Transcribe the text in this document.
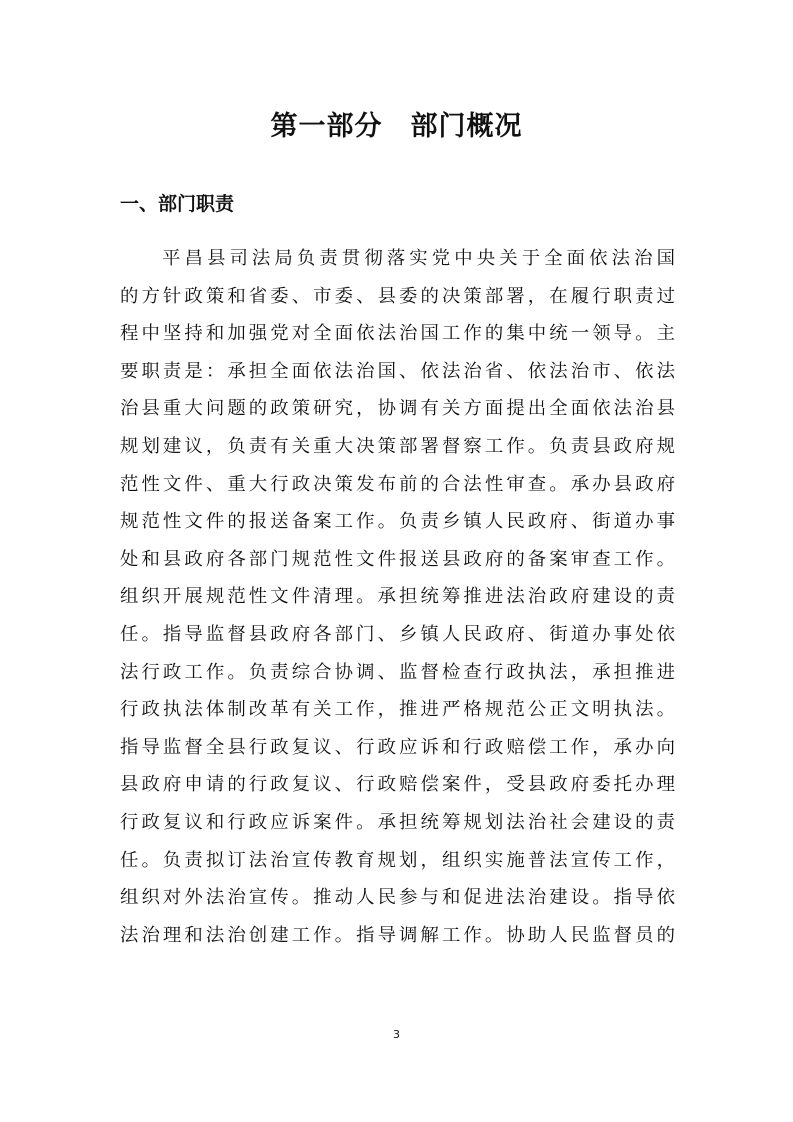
第一部分　部门概况
一、部门职责

平昌县司法局负责贯彻落实党中央关于全面依法治国
的方针政策和省委、市委、县委的决策部署，在履行职责过
程中坚持和加强党对全面依法治国工作的集中统一领导。主
要职责是：承担全面依法治国、依法治省、依法治市、依法
治县重大问题的政策研究，协调有关方面提出全面依法治县
规划建议，负责有关重大决策部署督察工作。负责县政府规
范性文件、重大行政决策发布前的合法性审查。承办县政府
规范性文件的报送备案工作。负责乡镇人民政府、街道办事
处和县政府各部门规范性文件报送县政府的备案审查工作。
组织开展规范性文件清理。承担统筹推进法治政府建设的责
任。指导监督县政府各部门、乡镇人民政府、街道办事处依
法行政工作。负责综合协调、监督检查行政执法，承担推进
行政执法体制改革有关工作，推进严格规范公正文明执法。
指导监督全县行政复议、行政应诉和行政赔偿工作，承办向
县政府申请的行政复议、行政赔偿案件，受县政府委托办理
行政复议和行政应诉案件。承担统筹规划法治社会建设的责
任。负责拟订法治宣传教育规划，组织实施普法宣传工作，
组织对外法治宣传。推动人民参与和促进法治建设。指导依
法治理和法治创建工作。指导调解工作。协助人民监督员的

3
